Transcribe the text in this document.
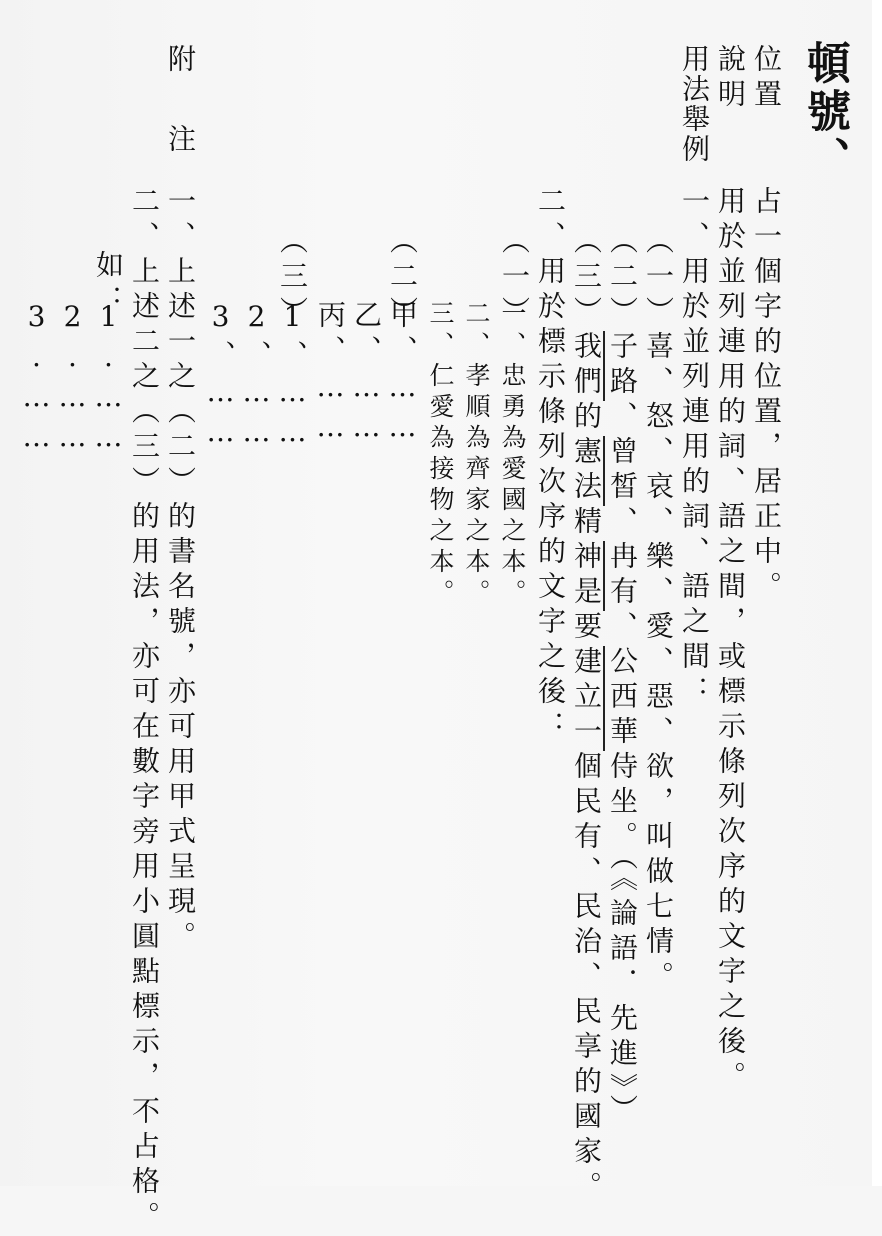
頓號、
位置
占一個字的位置，居正中。
說明
用於並列連用的詞、語之間，或標示條列次序的文字之後。
用法舉例
一、用於並列連用的詞、語之間：
（一）喜、怒、哀、樂、愛、惡、欲，叫做七情。
（二）子路、曾皙、冉有、公西華侍坐。（《論語．先進》）
（三）我們的憲法精神是要建立一個民有、民治、民享的國家。
二、用於標示條列次序的文字之後：
（一）
一、忠勇為愛國之本。
二、孝順為齊家之本。
三、仁愛為接物之本。
（二）
甲、……
乙、……
丙、……
（三）
1、……
2、……
3、……
附注
一、上述一之（二）的書名號，亦可用甲式呈現。
二、上述二之（三）的用法，亦可在數字旁用小圓點標示，不占格。
如：
1.……
2.……
3.……
